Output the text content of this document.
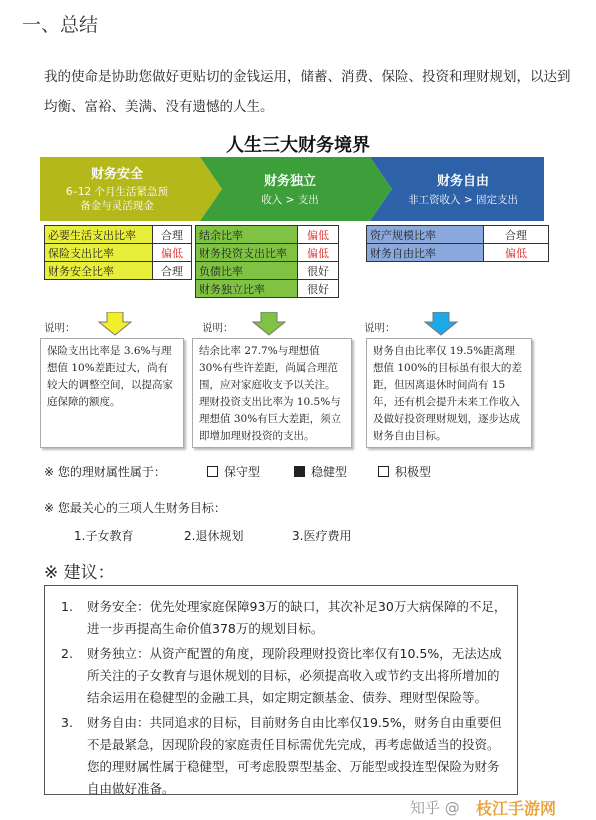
一、总结
我的使命是协助您做好更贴切的金钱运用，储蓄、消费、保险、投资和理财规划，以达到均衡、富裕、美满、没有遗憾的人生。
人生三大财务境界
财务安全
6–12 个月生活紧急预
备金与灵活现金
财务独立
收入 > 支出
财务自由
非工资收入 > 固定支出
必要生活支出比率	合理
保险支出比率	偏低
财务安全比率	合理
结余比率	偏低
财务投资支出比率	偏低
负债比率	很好
财务独立比率	很好
资产规模比率	合理
财务自由比率	偏低
说明：	说明：	说明：
保险支出比率是 3.6%与理想值 10%差距过大，尚有较大的调整空间，以提高家庭保障的额度。
结余比率 27.7%与理想值 30%有些许差距，尚属合理范围，应对家庭收支予以关注。理财投资支出比率为 10.5%与理想值 30%有巨大差距，须立即增加理财投资的支出。
财务自由比率仅 19.5%距离理想值 100%的目标虽有很大的差距，但因离退休时间尚有 15 年，还有机会提升未来工作收入及做好投资理财规划，逐步达成财务自由目标。
※ 您的理财属性属于：	保守型	稳健型	积极型
※ 您最关心的三项人生财务目标：
1.子女教育	2.退休规划	3.医疗费用
※ 建议：
1.	财务安全：优先处理家庭保障93万的缺口，其次补足30万大病保障的不足，进一步再提高生命价值378万的规划目标。
2.	财务独立：从资产配置的角度，现阶段理财投资比率仅有10.5%，无法达成所关注的子女教育与退休规划的目标，必须提高收入或节约支出将所增加的结余运用在稳健型的金融工具，如定期定额基金、债券、理财型保险等。
3.	财务自由：共同追求的目标，目前财务自由比率仅19.5%，财务自由重要但不是最紧急，因现阶段的家庭责任目标需优先完成，再考虑做适当的投资。您的理财属性属于稳健型，可考虑股票型基金、万能型或投连型保险为财务自由做好准备。
知乎 @ 枝江手游网
